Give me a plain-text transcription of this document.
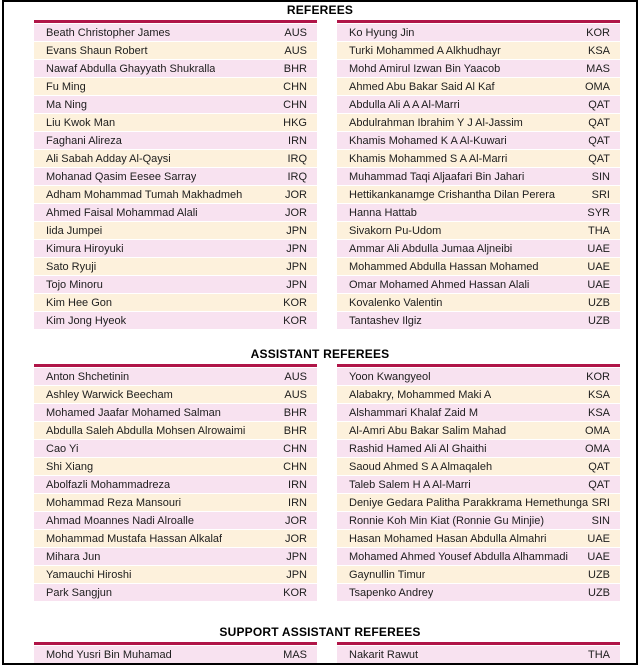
REFEREES
Beath Christopher James	AUS
Evans Shaun Robert	AUS
Nawaf Abdulla Ghayyath Shukralla	BHR
Fu Ming	CHN
Ma Ning	CHN
Liu Kwok Man	HKG
Faghani Alireza	IRN
Ali Sabah Adday Al-Qaysi	IRQ
Mohanad Qasim Eesee Sarray	IRQ
Adham Mohammad Tumah Makhadmeh	JOR
Ahmed Faisal Mohammad Alali	JOR
Iida Jumpei	JPN
Kimura Hiroyuki	JPN
Sato Ryuji	JPN
Tojo Minoru	JPN
Kim Hee Gon	KOR
Kim Jong Hyeok	KOR
Ko Hyung Jin	KOR
Turki Mohammed A Alkhudhayr	KSA
Mohd Amirul Izwan Bin Yaacob	MAS
Ahmed Abu Bakar Said Al Kaf	OMA
Abdulla Ali A A Al-Marri	QAT
Abdulrahman Ibrahim Y J Al-Jassim	QAT
Khamis Mohamed K A Al-Kuwari	QAT
Khamis Mohammed S A Al-Marri	QAT
Muhammad Taqi Aljaafari Bin Jahari	SIN
Hettikankanamge Crishantha Dilan Perera	SRI
Hanna Hattab	SYR
Sivakorn Pu-Udom	THA
Ammar Ali Abdulla Jumaa Aljneibi	UAE
Mohammed Abdulla Hassan Mohamed	UAE
Omar Mohamed Ahmed Hassan Alali	UAE
Kovalenko Valentin	UZB
Tantashev Ilgiz	UZB
ASSISTANT REFEREES
Anton Shchetinin	AUS
Ashley Warwick Beecham	AUS
Mohamed Jaafar Mohamed Salman	BHR
Abdulla Saleh Abdulla Mohsen Alrowaimi	BHR
Cao Yi	CHN
Shi Xiang	CHN
Abolfazli Mohammadreza	IRN
Mohammad Reza Mansouri	IRN
Ahmad Moannes Nadi Alroalle	JOR
Mohammad Mustafa Hassan Alkalaf	JOR
Mihara Jun	JPN
Yamauchi Hiroshi	JPN
Park Sangjun	KOR
Yoon Kwangyeol	KOR
Alabakry, Mohammed Maki A	KSA
Alshammari Khalaf Zaid M	KSA
Al-Amri Abu Bakar Salim Mahad	OMA
Rashid Hamed Ali Al Ghaithi	OMA
Saoud Ahmed S A Almaqaleh	QAT
Taleb Salem H A Al-Marri	QAT
Deniye Gedara Palitha Parakkrama Hemethunga SRI
Ronnie Koh Min Kiat (Ronnie Gu Minjie)	SIN
Hasan Mohamed Hasan Abdulla Almahri	UAE
Mohamed Ahmed Yousef Abdulla Alhammadi UAE
Gaynullin Timur	UZB
Tsapenko Andrey	UZB
SUPPORT ASSISTANT REFEREES
Mohd Yusri Bin Muhamad	MAS	Nakarit Rawut	THA
